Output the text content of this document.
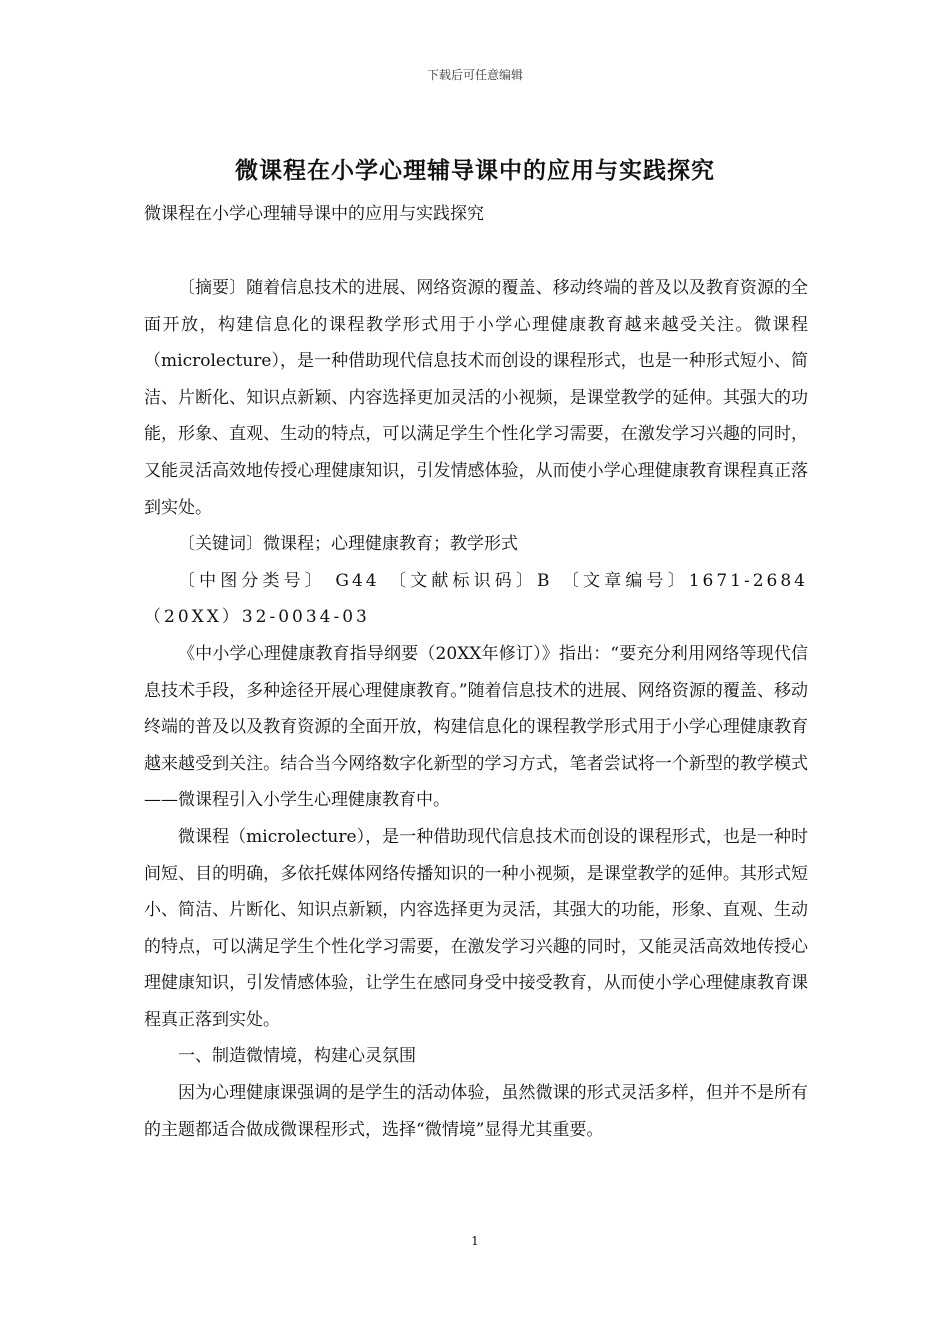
下载后可任意编辑
微课程在小学心理辅导课中的应用与实践探究
微课程在小学心理辅导课中的应用与实践探究

〔摘要〕随着信息技术的进展、网络资源的覆盖、移动终端的普及以及教育资源的全面开放，构建信息化的课程教学形式用于小学心理健康教育越来越受关注。微课程（microlecture），是一种借助现代信息技术而创设的课程形式，也是一种形式短小、简洁、片断化、知识点新颖、内容选择更加灵活的小视频，是课堂教学的延伸。其强大的功能，形象、直观、生动的特点，可以满足学生个性化学习需要，在激发学习兴趣的同时，又能灵活高效地传授心理健康知识，引发情感体验，从而使小学心理健康教育课程真正落到实处。

〔关键词〕微课程；心理健康教育；教学形式

〔中图分类号〕 G44 〔文献标识码〕B 〔文章编号〕1671-2684（20XX）32-0034-03

《中小学心理健康教育指导纲要（20XX年修订）》指出：“要充分利用网络等现代信息技术手段，多种途径开展心理健康教育。”随着信息技术的进展、网络资源的覆盖、移动终端的普及以及教育资源的全面开放，构建信息化的课程教学形式用于小学心理健康教育越来越受到关注。结合当今网络数字化新型的学习方式，笔者尝试将一个新型的教学模式——微课程引入小学生心理健康教育中。

微课程（microlecture），是一种借助现代信息技术而创设的课程形式，也是一种时间短、目的明确，多依托媒体网络传播知识的一种小视频，是课堂教学的延伸。其形式短小、简洁、片断化、知识点新颖，内容选择更为灵活，其强大的功能，形象、直观、生动的特点，可以满足学生个性化学习需要，在激发学习兴趣的同时，又能灵活高效地传授心理健康知识，引发情感体验，让学生在感同身受中接受教育，从而使小学心理健康教育课程真正落到实处。

一、制造微情境，构建心灵氛围

因为心理健康课强调的是学生的活动体验，虽然微课的形式灵活多样，但并不是所有的主题都适合做成微课程形式，选择“微情境”显得尤其重要。

1
